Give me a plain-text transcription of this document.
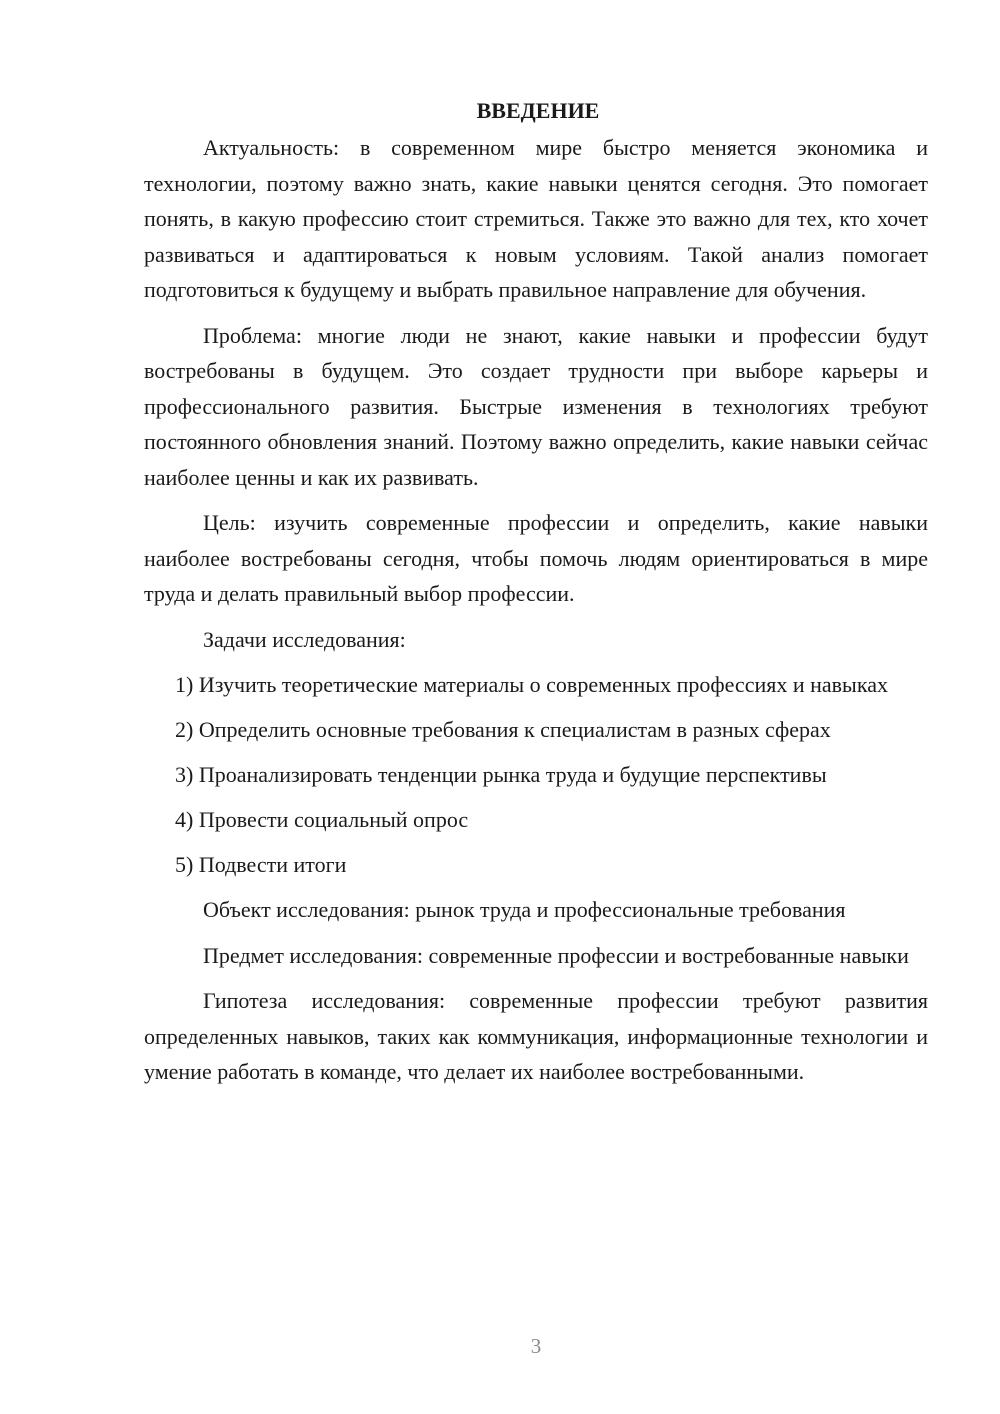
ВВЕДЕНИЕ

Актуальность: в современном мире быстро меняется экономика и технологии, поэтому важно знать, какие навыки ценятся сегодня. Это помогает понять, в какую профессию стоит стремиться. Также это важно для тех, кто хочет развиваться и адаптироваться к новым условиям. Такой анализ помогает подготовиться к будущему и выбрать правильное направление для обучения.

Проблема: многие люди не знают, какие навыки и профессии будут востребованы в будущем. Это создает трудности при выборе карьеры и профессионального развития. Быстрые изменения в технологиях требуют постоянного обновления знаний. Поэтому важно определить, какие навыки сейчас наиболее ценны и как их развивать.

Цель: изучить современные профессии и определить, какие навыки наиболее востребованы сегодня, чтобы помочь людям ориентироваться в мире труда и делать правильный выбор профессии.

Задачи исследования:

1) Изучить теоретические материалы о современных профессиях и навыках

2) Определить основные требования к специалистам в разных сферах

3) Проанализировать тенденции рынка труда и будущие перспективы

4) Провести социальный опрос

5) Подвести итоги

Объект исследования: рынок труда и профессиональные требования

Предмет исследования: современные профессии и востребованные навыки

Гипотеза исследования: современные профессии требуют развития определенных навыков, таких как коммуникация, информационные технологии и умение работать в команде, что делает их наиболее востребованными.

3
